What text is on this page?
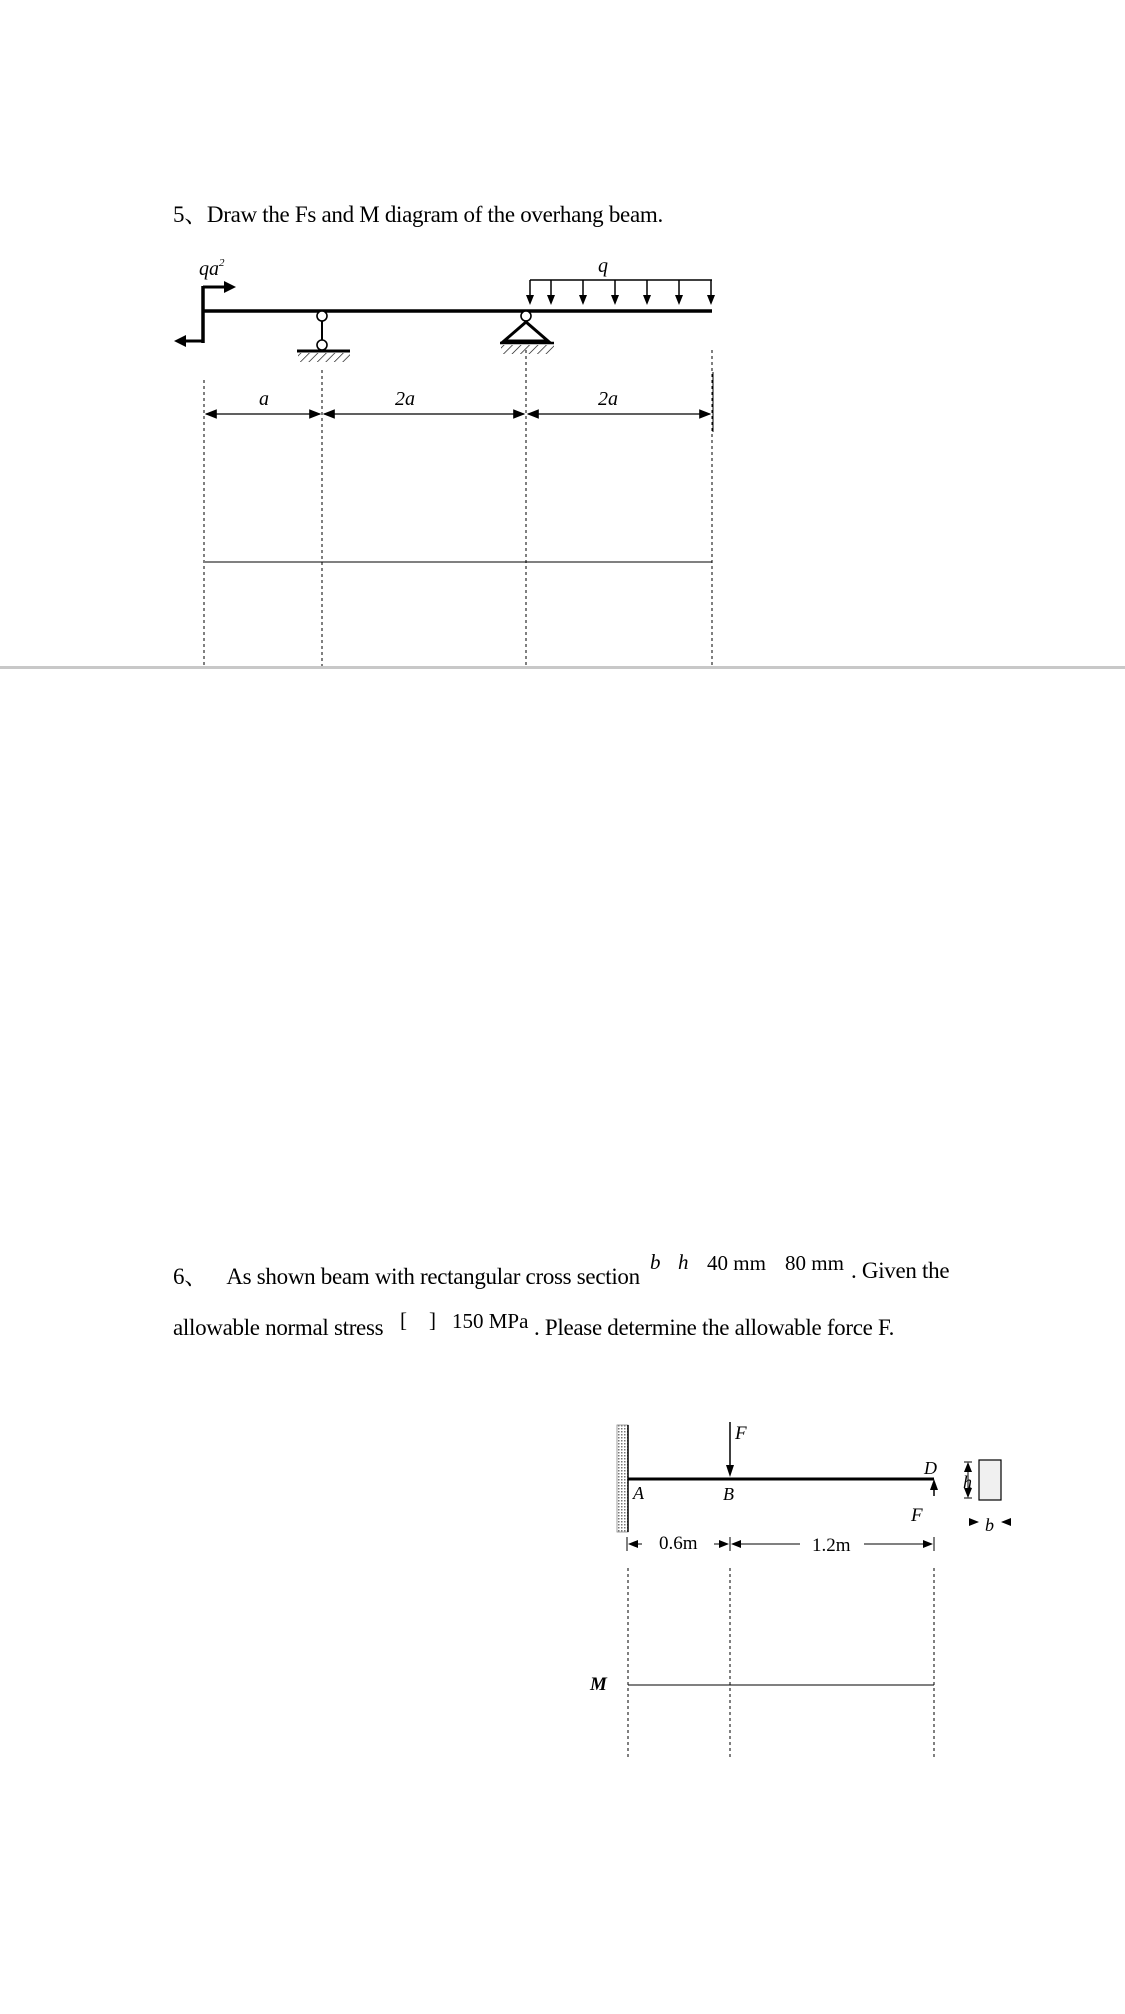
5、Draw the Fs and M diagram of the overhang beam.
$qa^2$	q
a	2a	2a
6、 As shown beam with rectangular cross section
b h 40 mm 80 mm . Given the
allowable normal stress [ ] 150 MPa . Please determine the allowable force F.
F
F
A	B
D
h
b
0.6m	1.2m
M
